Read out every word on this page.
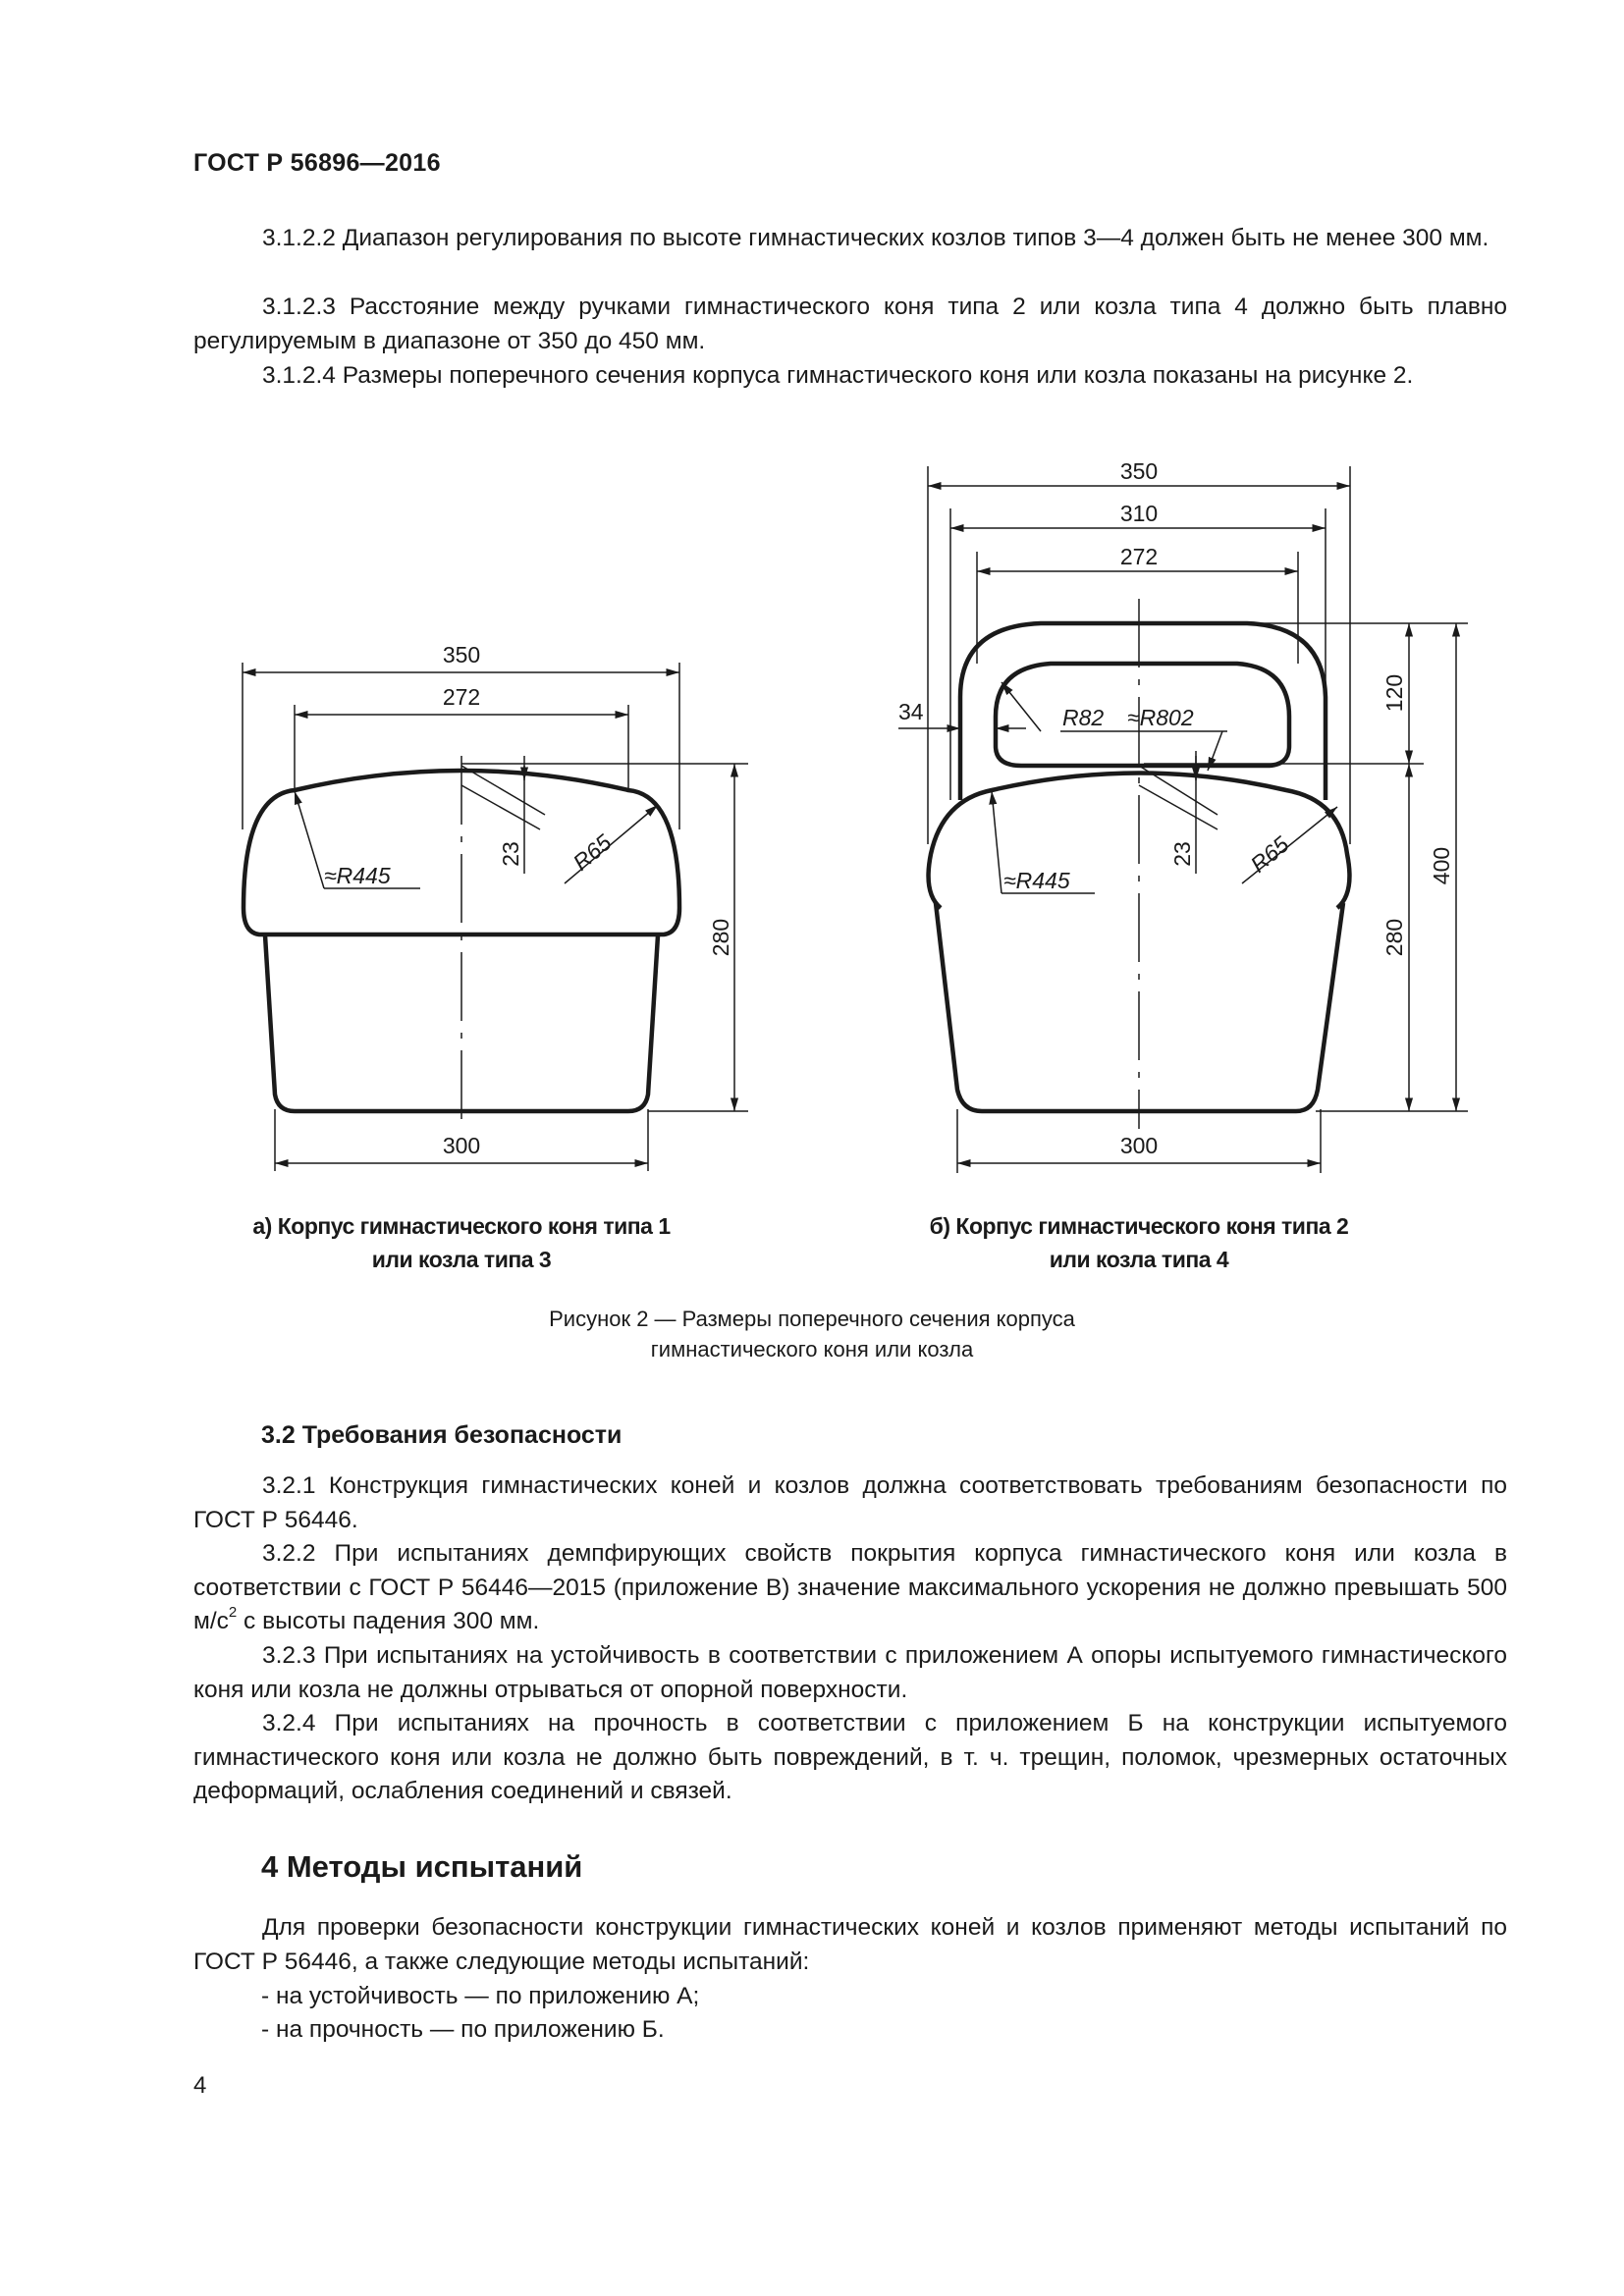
ГОСТ Р 56896—2016
3.1.2.2 Диапазон регулирования по высоте гимнастических козлов типов 3—4 должен быть не менее 300 мм.
3.1.2.3 Расстояние между ручками гимнастического коня типа 2 или козла типа 4 должно быть плавно регулируемым в диапазоне от 350 до 450 мм.
3.1.2.4 Размеры поперечного сечения корпуса гимнастического коня или козла показаны на рисунке 2.
350
272
300
280
23
≈R445
R65
350
310
272
34	120
400
280
300
23
R82 ≈R802
≈R445
R65
а) Корпус гимнастического коня типа 1
или козла типа 3
б) Корпус гимнастического коня типа 2
или козла типа 4
Рисунок 2 — Размеры поперечного сечения корпуса
гимнастического коня или козла
3.2 Требования безопасности
3.2.1 Конструкция гимнастических коней и козлов должна соответствовать требованиям безопасности по ГОСТ Р 56446.
3.2.2 При испытаниях демпфирующих свойств покрытия корпуса гимнастического коня или козла в соответствии с ГОСТ Р 56446—2015 (приложение В) значение максимального ускорения не должно превышать 500 $м/с^2$ с высоты падения 300 мм.
3.2.3 При испытаниях на устойчивость в соответствии с приложением А опоры испытуемого гимнастического коня или козла не должны отрываться от опорной поверхности.
3.2.4 При испытаниях на прочность в соответствии с приложением Б на конструкции испытуемого гимнастического коня или козла не должно быть повреждений, в т. ч. трещин, поломок, чрезмерных остаточных деформаций, ослабления соединений и связей.
4 Методы испытаний
Для проверки безопасности конструкции гимнастических коней и козлов применяют методы испытаний по ГОСТ Р 56446, а также следующие методы испытаний:
- на устойчивость — по приложению А;
- на прочность — по приложению Б.
4
